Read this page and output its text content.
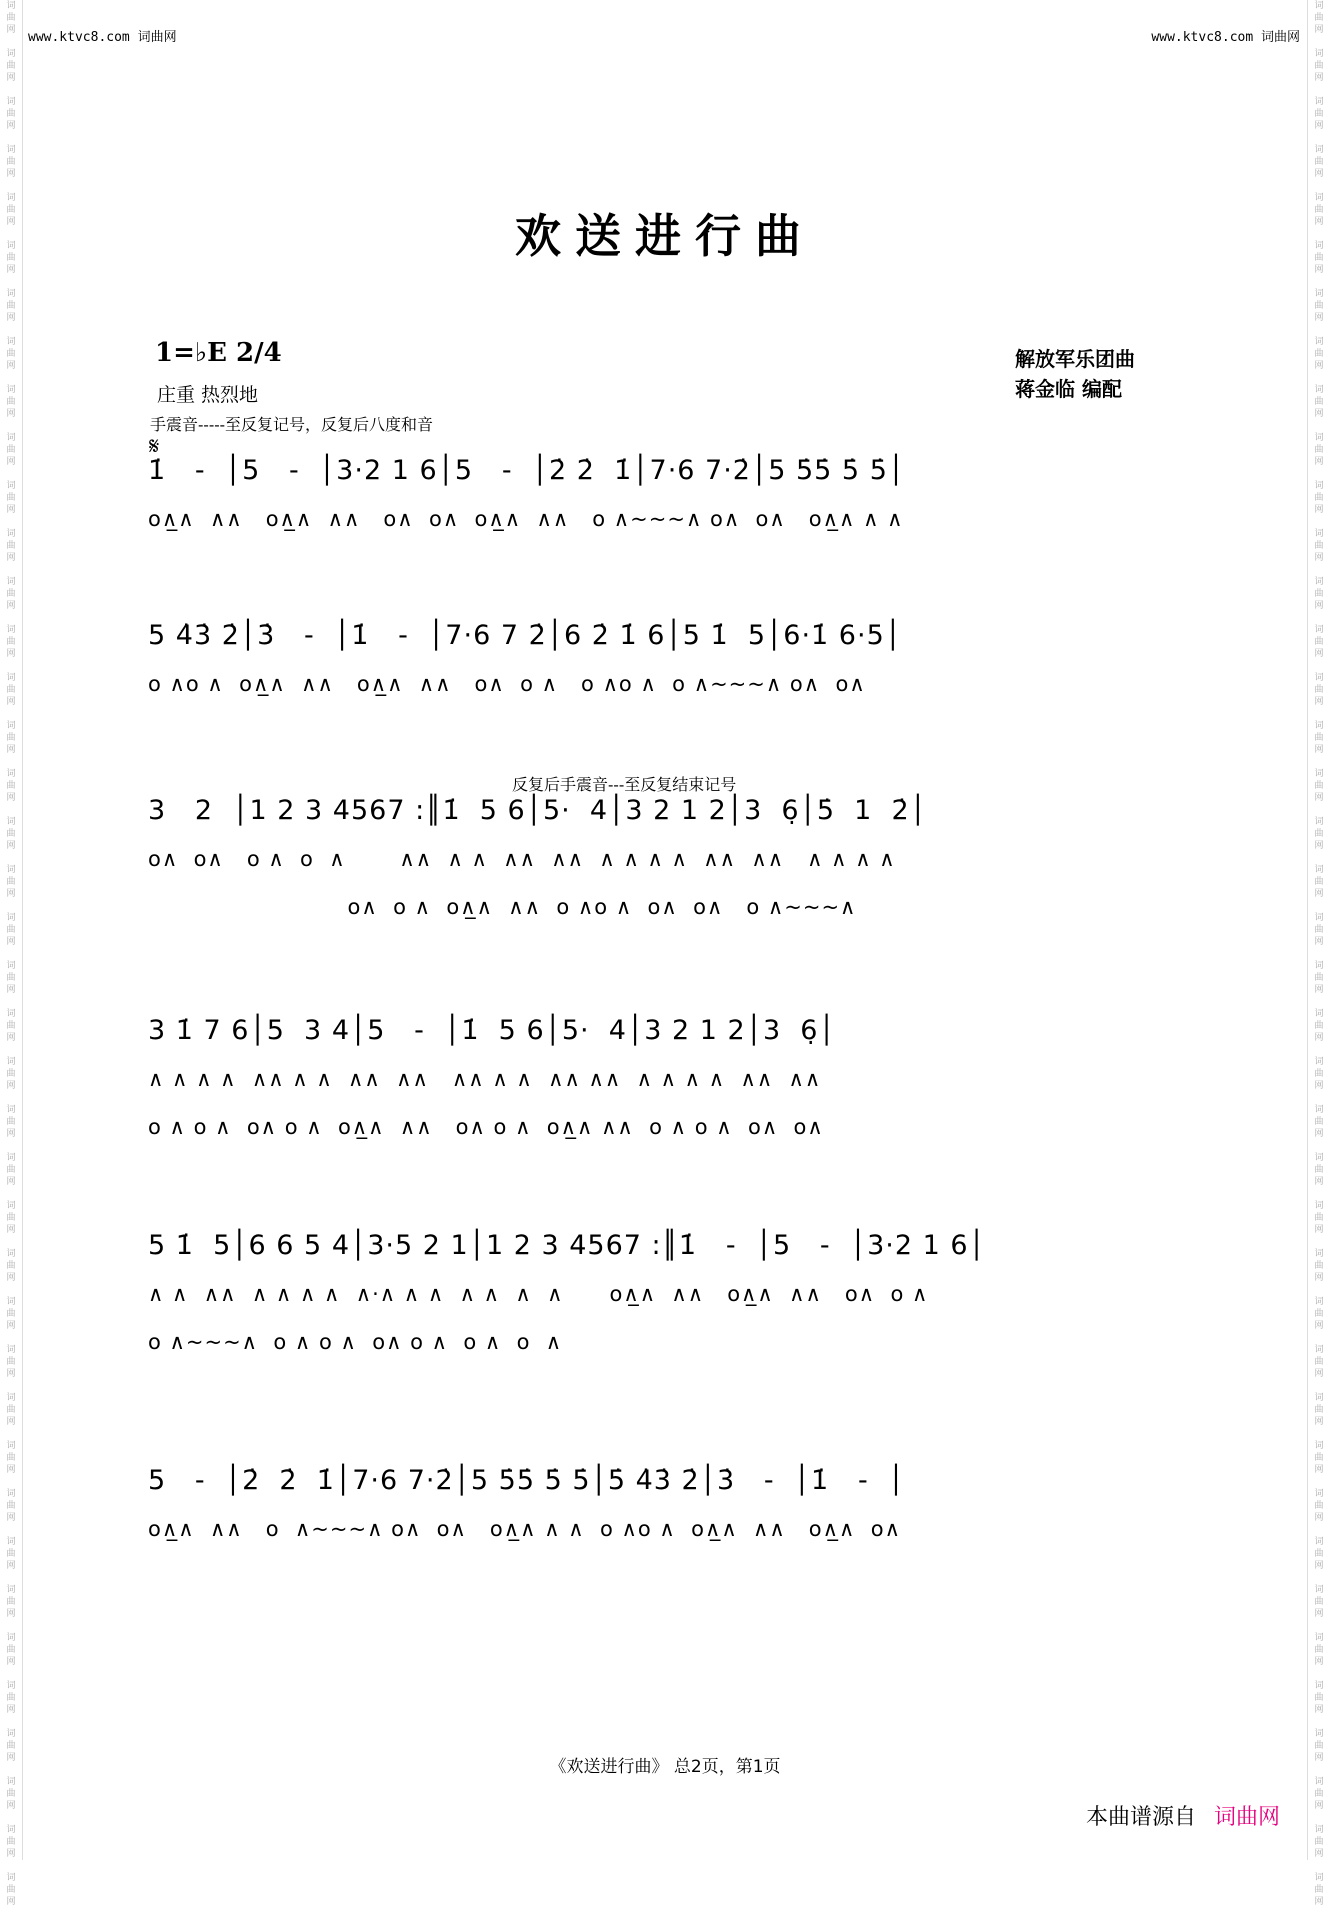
词
曲
网

词
曲
网

词
曲
网

词
曲
网

词
曲
网

词
曲
网

词
曲
网

词
曲
网

词
曲
网

词
曲
网

词
曲
网

词
曲
网

词
曲
网

词
曲
网

词
曲
网

词
曲
网

词
曲
网

词
曲
网

词
曲
网

词
曲
网

词
曲
网

词
曲
网

词
曲
网

词
曲
网

词
曲
网

词
曲
网

词
曲
网

词
曲
网

词
曲
网

词
曲
网

词
曲
网

词
曲
网

词
曲
网

词
曲
网

词
曲
网

词
曲
网

词
曲
网

词
曲
网

词
曲
网

词
曲
网
词
曲
网

词
曲
网

词
曲
网

词
曲
网

词
曲
网

词
曲
网

词
曲
网

词
曲
网

词
曲
网

词
曲
网

词
曲
网

词
曲
网

词
曲
网

词
曲
网

词
曲
网

词
曲
网

词
曲
网

词
曲
网

词
曲
网

词
曲
网

词
曲
网

词
曲
网

词
曲
网

词
曲
网

词
曲
网

词
曲
网

词
曲
网

词
曲
网

词
曲
网

词
曲
网

词
曲
网

词
曲
网

词
曲
网

词
曲
网

词
曲
网

词
曲
网

词
曲
网

词
曲
网

词
曲
网

词
曲
网
www.ktvc8.com 词曲网	www.ktvc8.com 词曲网
欢送进行曲
1=♭E 2/4
庄重 热烈地
解放军乐团曲
蒋金临 编配
手震音-----至反复记号，反复后八度和音
反复后手震音---至反复结束记号
𝄋
1̇   -  │5   -  │3·2 1 6│5   -  │2̇ 2̇  1̇│7·6 7·2̇│5 5̇5̇ 5̇ 5̇│
o∧̲∧  ∧∧   o∧̲∧  ∧∧   o∧  o∧  o∧̲∧  ∧∧   o ∧~~~∧ o∧  o∧   o∧̲∧ ∧ ∧
5 4̇3̇ 2̇│3̇   -  │1̇   -  │7·6 7 2̇│6 2̇ 1̇ 6│5 1̇  5│6·1̇ 6·5│
o ∧o ∧  o∧̲∧  ∧∧   o∧̲∧  ∧∧   o∧  o ∧   o ∧o ∧  o ∧~~~∧ o∧  o∧
3   2  │1 2 3 4567 :║1̇  5 6│5·  4│3 2 1 2│3  6̣│5̇  1  2̇│
o∧  o∧   o ∧  o  ∧       ∧∧  ∧ ∧  ∧∧  ∧∧  ∧ ∧ ∧ ∧  ∧∧  ∧∧   ∧ ∧ ∧ ∧
o∧  o ∧  o∧̲∧  ∧∧  o ∧o ∧  o∧  o∧   o ∧~~~∧
3 1̇ 7 6│5  3 4│5   -  │1̇  5 6│5·  4│3 2 1 2│3  6̣│
∧ ∧ ∧ ∧  ∧∧ ∧ ∧  ∧∧  ∧∧   ∧∧ ∧ ∧  ∧∧ ∧∧  ∧ ∧ ∧ ∧  ∧∧  ∧∧
o ∧ o ∧  o∧ o ∧  o∧̲∧  ∧∧   o∧ o ∧  o∧̲∧ ∧∧  o ∧ o ∧  o∧  o∧
5 1̇  5│6 6 5 4│3·5 2 1│1 2 3 4567 :║1̇   -  │5   -  │3·2 1 6│
∧ ∧  ∧∧  ∧ ∧ ∧ ∧  ∧·∧ ∧ ∧  ∧ ∧  ∧  ∧      o∧̲∧  ∧∧   o∧̲∧  ∧∧   o∧  o ∧
o ∧~~~∧  o ∧ o ∧  o∧ o ∧  o ∧  o  ∧
5   -  │2̇  2̇  1̇│7·6 7·2̇│5 5̇5̇ 5̇ 5̇│5̇ 4̇3̇ 2̇│3̇   -  │1̇   -  │
o∧̲∧  ∧∧   o  ∧~~~∧ o∧  o∧   o∧̲∧ ∧ ∧  o ∧o ∧  o∧̲∧  ∧∧   o∧̲∧  o∧
《欢送进行曲》 总2页，第1页
本曲谱源自 词曲网
